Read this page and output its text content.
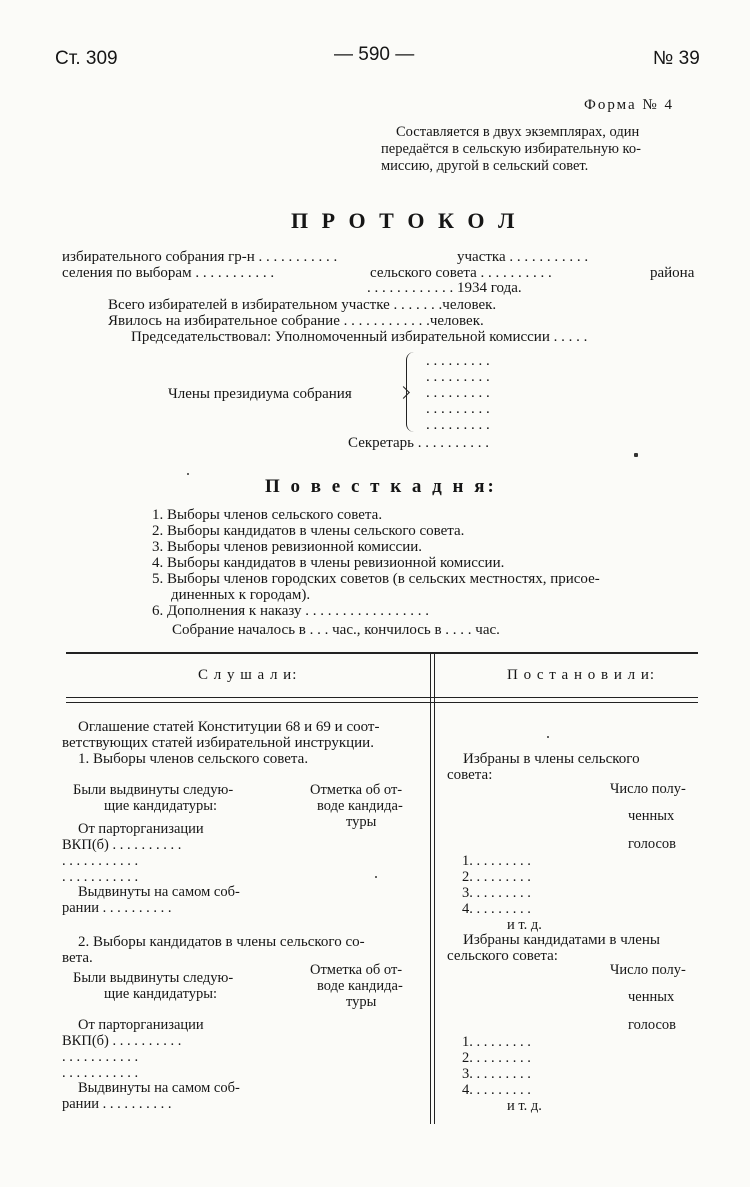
Ст. 309	— 590 —	№ 39
Форма № 4
Составляется в двух экземплярах, один
передаётся в сельскую избирательную ко-
миссию, другой в сельский совет.
П Р О Т О К О Л
избирательного собрания гр-н . . . . . . . . . . .	участка . . . . . . . . . . .
селения по выборам . . . . . . . . . . .	сельского совета . . . . . . . . . .	района
. . . . . . . . . . . . 1934 года.
Всего избирателей в избирательном участке . . . . . . .человек.
Явилось на избирательное собрание . . . . . . . . . . . .человек.
Председательствовал: Уполномоченный избирательной комиссии . . . . .
Члены президиума собрания
. . . . . . . . .
. . . . . . . . .
. . . . . . . . .
. . . . . . . . .
. . . . . . . . .
Секретарь . . . . . . . . . .
П о в е с т к а д н я:
1. Выборы членов сельского совета.
2. Выборы кандидатов в члены сельского совета.
3. Выборы членов ревизионной комиссии.
4. Выборы кандидатов в члены ревизионной комиссии.
5. Выборы членов городских советов (в сельских местностях, присое-
диненных к городам).
6. Дополнения к наказу . . . . . . . . . . . . . . . . .
Собрание началось в . . . час., кончилось в . . . . час.
С л у ш а л и:	П о с т а н о в и л и:
Оглашение статей Конституции 68 и 69 и соот-
ветствующих статей избирательной инструкции.
1. Выборы членов сельского совета.
Были выдвинуты следую-
щие кандидатуры:
Отметка об от-
воде кандида-
туры
От парторганизации
ВКП(б) . . . . . . . . . .
. . . . . . . . . . .
. . . . . . . . . . .
Выдвинуты на самом соб-
рании . . . . . . . . . .
2. Выборы кандидатов в члены сельского со-
вета.
Были выдвинуты следую-
щие кандидатуры:
Отметка об от-
воде кандида-
туры
От парторганизации
ВКП(б) . . . . . . . . . .
. . . . . . . . . . .
. . . . . . . . . . .
Выдвинуты на самом соб-
рании . . . . . . . . . .
Избраны в члены сельского
совета:
Число полу-
ченных
голосов
1. . . . . . . . .
2. . . . . . . . .
3. . . . . . . . .
4. . . . . . . . .
и т. д.
Избраны кандидатами в члены
сельского совета:
Число полу-
ченных
голосов
1. . . . . . . . .
2. . . . . . . . .
3. . . . . . . . .
4. . . . . . . . .
и т. д.
